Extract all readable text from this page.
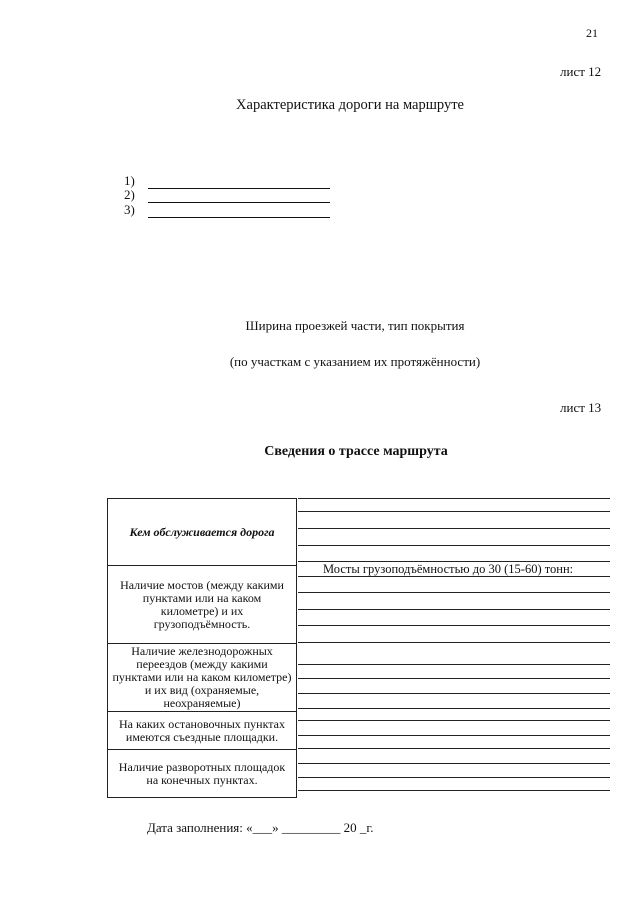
21
лист 12
Характеристика дороги на маршруте
1)
2)
3)
Ширина проезжей части, тип покрытия
(по участкам с указанием их протяжённости)
лист 13
Сведения о трассе маршрута
Кем обслуживается дорога
Наличие мостов (между какими пунктами или на каком километре) и их грузоподъёмность.
Наличие железнодорожных переездов (между какими пунктами или на каком километре) и их вид (охраняемые, неохраняемые)
На каких остановочных пунктах имеются съездные площадки.
Наличие разворотных площадок на конечных пунктах.
Мосты грузоподъёмностью до 30 (15-60) тонн:
Дата заполнения: «___» _________ 20 _г.
